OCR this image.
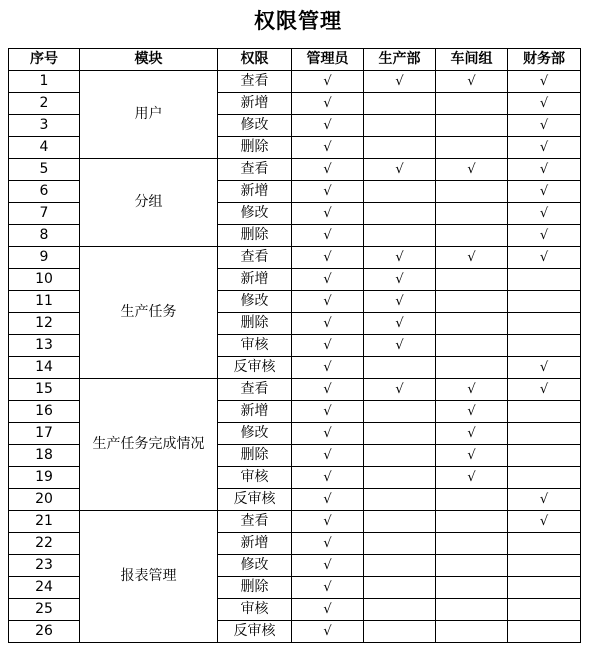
权限管理
序号	模块	权限	管理员	生产部	车间组	财务部
1	用户	查看	√	√	√	√
2		新增	√			√
3		修改	√			√
4		删除	√			√
5	分组	查看	√	√	√	√
6		新增	√			√
7		修改	√			√
8		删除	√			√
9	生产任务	查看	√	√	√	√
10		新增	√	√		
11		修改	√	√		
12		删除	√	√		
13		审核	√	√		
14		反审核	√			√
15	生产任务完成情况	查看	√	√	√	√
16		新增	√		√	
17		修改	√		√	
18		删除	√		√	
19		审核	√		√	
20		反审核	√			√
21	报表管理	查看	√			√
22		新增	√			
23		修改	√			
24		删除	√			
25		审核	√			
26		反审核	√			
